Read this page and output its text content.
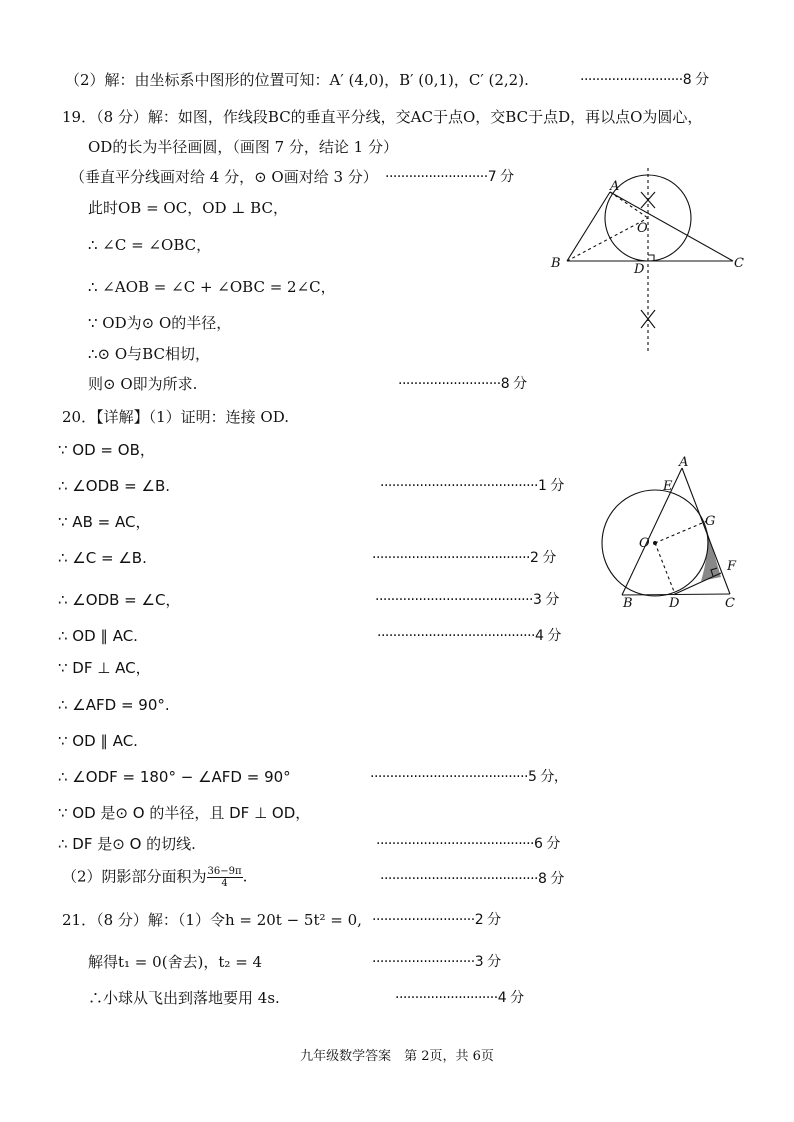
（2）解：由坐标系中图形的位置可知：A′ (4,0)，B′ (0,1)，C′ (2,2).	··························8 分
19．（8 分）解：如图，作线段BC的垂直平分线，交AC于点O，交BC于点D，再以点O为圆心，
OD的长为半径画圆，（画图 7 分，结论 1 分）
（垂直平分线画对给 4 分，⊙ O画对给 3 分） ··························7 分
此时OB = OC，OD ⊥ BC，
∴ ∠C = ∠OBC，
∴ ∠AOB = ∠C + ∠OBC = 2∠C，
∵ OD为⊙ O的半径，
∴⊙ O与BC相切，
则⊙ O即为所求.	··························8 分
A
O
B	D	C
20．【详解】（1）证明：连接 OD.
∵ OD = OB，
∴ ∠ODB = ∠B.	········································1 分
∵ AB = AC，
∴ ∠C = ∠B.	········································2 分
∴ ∠ODB = ∠C，	········································3 分
∴ OD ∥ AC.	········································4 分
∵ DF ⊥ AC，
∴ ∠AFD = 90°.
∵ OD ∥ AC.
∴ ∠ODF = 180° − ∠AFD = 90°	········································5 分，
∵ OD 是⊙ O 的半径，且 DF ⊥ OD，
∴ DF 是⊙ O 的切线.	········································6 分
（2）阴影部分面积为 $\frac{36-9\pi}{4}$ .	········································8 分
A
E
G
O
F
B	D	C
21．（8 分）解：（1）令h = 20t − 5t² = 0, ··························2 分
解得t₁ = 0(舍去)，t₂ = 4	··························3 分
∴小球从飞出到落地要用 4s.	··························4 分
九年级数学答案　第 2页，共 6页
